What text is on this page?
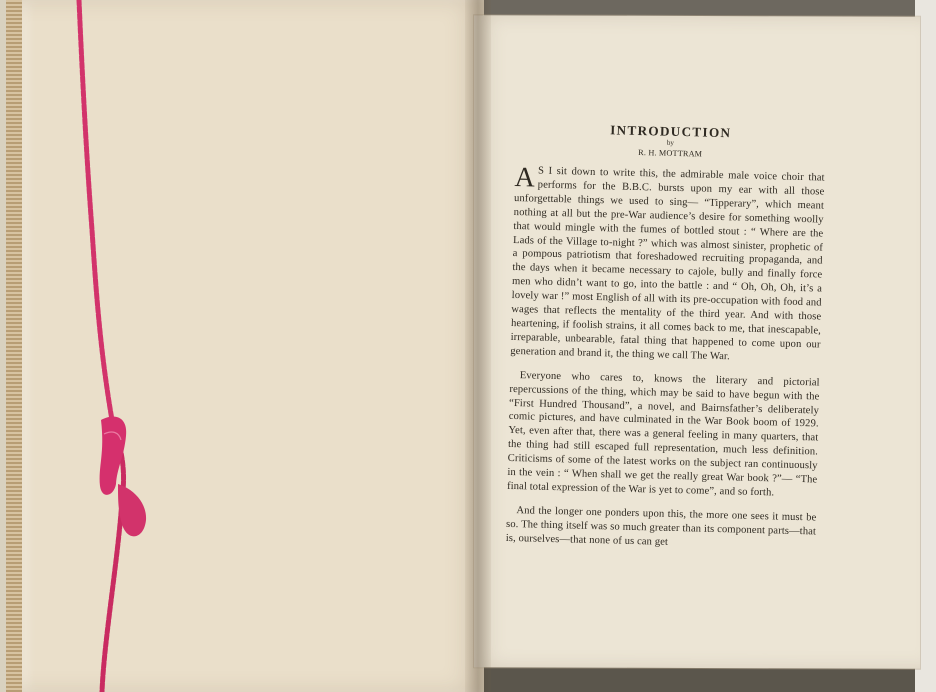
INTRODUCTION
by
R. H. MOTTRAM
A S I sit down to write this, the admirable male voice choir that performs for the B.B.C. bursts upon my ear with all those unforgettable things we used to sing— “Tipperary”, which meant nothing at all but the pre-War audience’s desire for something woolly that would mingle with the fumes of bottled stout : “ Where are the Lads of the Village to-night ?” which was almost sinister, prophetic of a pompous patriotism that foreshadowed recruiting propaganda, and the days when it became necessary to cajole, bully and finally force men who didn’t want to go, into the battle : and “ Oh, Oh, Oh, it’s a lovely war !” most English of all with its pre-occupation with food and wages that reflects the mentality of the third year. And with those heartening, if foolish strains, it all comes back to me, that inescapable, irreparable, unbearable, fatal thing that happened to come upon our generation and brand it, the thing we call The War.
Everyone who cares to, knows the literary and pictorial repercussions of the thing, which may be said to have begun with the “First Hundred Thousand”, a novel, and Bairnsfather’s deliberately comic pictures, and have culminated in the War Book boom of 1929. Yet, even after that, there was a general feeling in many quarters, that the thing had still escaped full representation, much less definition. Criticisms of some of the latest works on the subject ran continuously in the vein : “ When shall we get the really great War book ?”— “The final total expression of the War is yet to come”, and so forth.
And the longer one ponders upon this, the more one sees it must be so. The thing itself was so much greater than its component parts—that is, ourselves—that none of us can get
